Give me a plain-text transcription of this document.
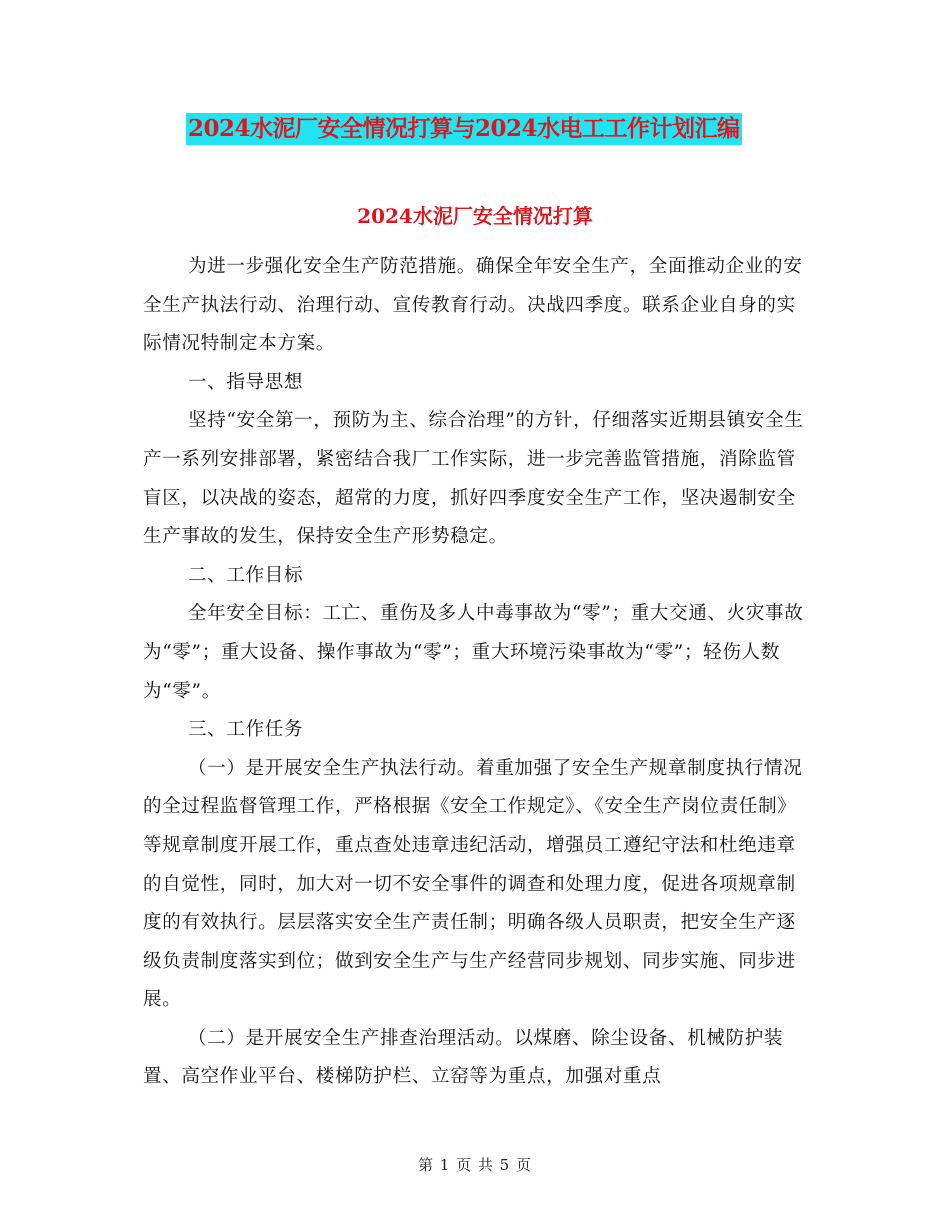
2024水泥厂安全情况打算与2024水电工工作计划汇编
2024水泥厂安全情况打算

为进一步强化安全生产防范措施。确保全年安全生产，全面推动企业的安全生产执法行动、治理行动、宣传教育行动。决战四季度。联系企业自身的实际情况特制定本方案。

一、指导思想

坚持“安全第一，预防为主、综合治理”的方针，仔细落实近期县镇安全生产一系列安排部署，紧密结合我厂工作实际，进一步完善监管措施，消除监管盲区，以决战的姿态，超常的力度，抓好四季度安全生产工作，坚决遏制安全生产事故的发生，保持安全生产形势稳定。

二、工作目标

全年安全目标：工亡、重伤及多人中毒事故为“零”；重大交通、火灾事故为“零”；重大设备、操作事故为“零”；重大环境污染事故为“零”；轻伤人数为“零”。

三、工作任务

（一）是开展安全生产执法行动。着重加强了安全生产规章制度执行情况的全过程监督管理工作，严格根据《安全工作规定》、《安全生产岗位责任制》等规章制度开展工作，重点查处违章违纪活动，增强员工遵纪守法和杜绝违章的自觉性，同时，加大对一切不安全事件的调查和处理力度，促进各项规章制度的有效执行。层层落实安全生产责任制；明确各级人员职责，把安全生产逐级负责制度落实到位；做到安全生产与生产经营同步规划、同步实施、同步进展。

（二）是开展安全生产排查治理活动。以煤磨、除尘设备、机械防护装置、高空作业平台、楼梯防护栏、立窑等为重点，加强对重点

第 1 页 共 5 页
